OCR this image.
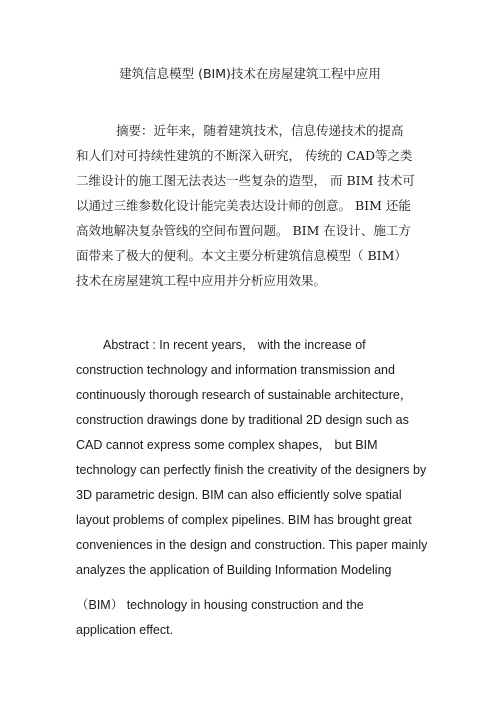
建筑信息模型 (BIM)技术在房屋建筑工程中应用
摘要：近年来，随着建筑技术，信息传递技术的提高
和人们对可持续性建筑的不断深入研究， 传统的 CAD等之类
二维设计的施工图无法表达一些复杂的造型， 而 BIM 技术可
以通过三维参数化设计能完美表达设计师的创意。 BIM 还能
高效地解决复杂管线的空间布置问题。 BIM 在设计、施工方
面带来了极大的便利。本文主要分析建筑信息模型（ BIM）
技术在房屋建筑工程中应用并分析应用效果。
Abstract : In recent years， with the increase of
construction technology and information transmission and
continuously thorough research of sustainable architecture，
construction drawings done by traditional 2D design such as
CAD cannot express some complex shapes， but BIM
technology can perfectly finish the creativity of the designers by
3D parametric design. BIM can also efficiently solve spatial
layout problems of complex pipelines. BIM has brought great
conveniences in the design and construction. This paper mainly
analyzes the application of Building Information Modeling
（BIM） technology in housing construction and the
application effect.
